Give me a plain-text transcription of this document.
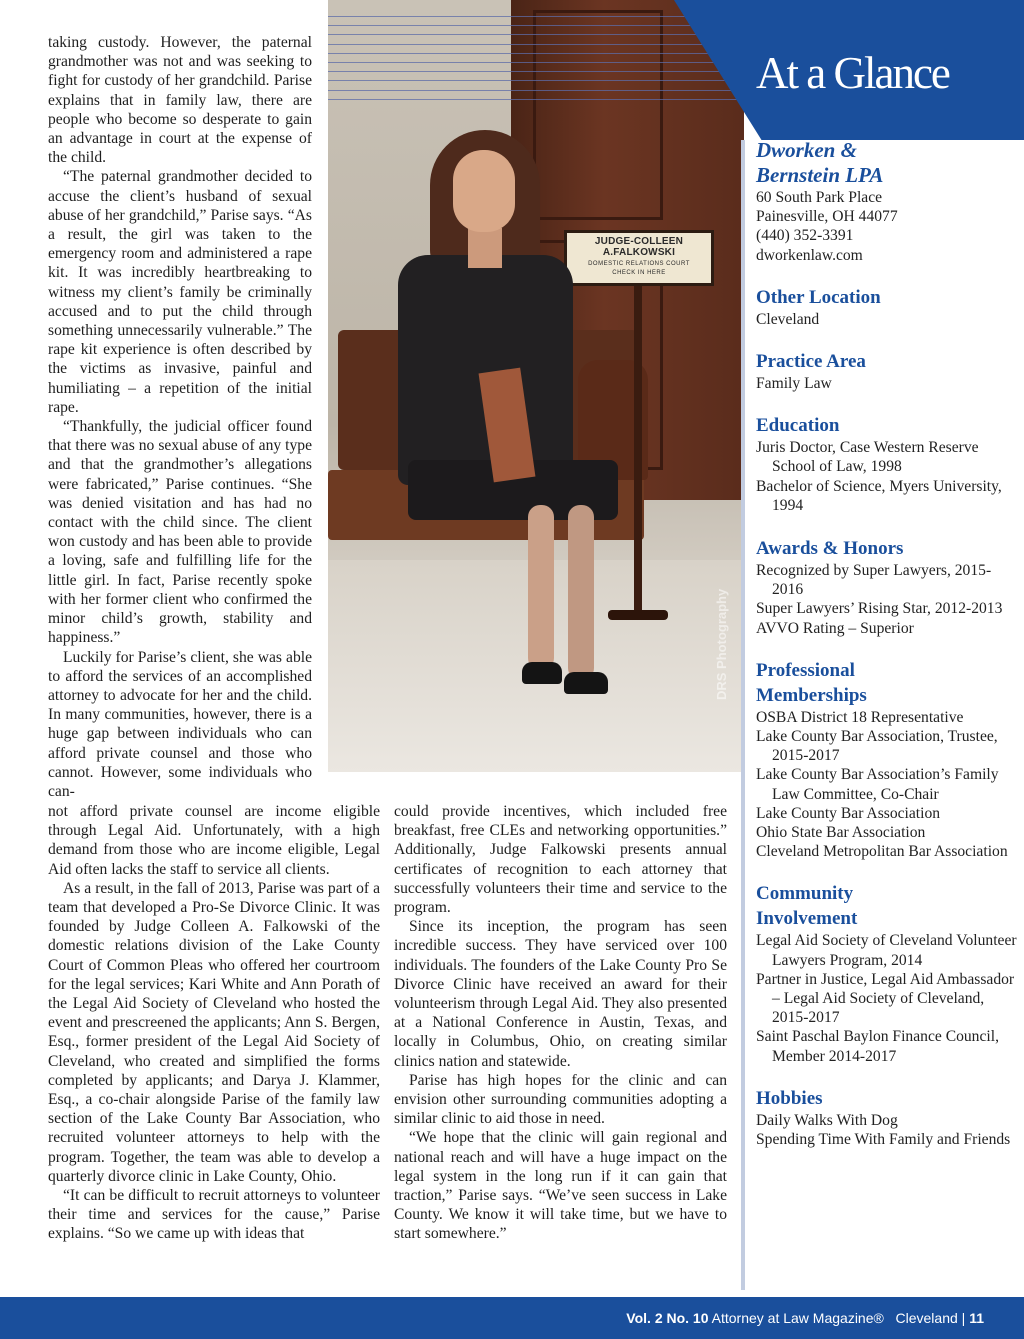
taking custody. However, the paternal grandmother was not and was seeking to fight for custody of her grandchild. Parise explains that in family law, there are people who become so desperate to gain an advantage in court at the expense of the child.

“The paternal grandmother decided to accuse the client’s husband of sexual abuse of her grandchild,” Parise says. “As a result, the girl was taken to the emergency room and administered a rape kit. It was incredibly heartbreaking to witness my client’s family be criminally accused and to put the child through something unnecessarily vulnerable.” The rape kit experience is often described by the victims as invasive, painful and humiliating – a repetition of the initial rape.

“Thankfully, the judicial officer found that there was no sexual abuse of any type and that the grandmother’s allegations were fabricated,” Parise continues. “She was denied visitation and has had no contact with the child since. The client won custody and has been able to provide a loving, safe and fulfilling life for the little girl. In fact, Parise recently spoke with her former client who confirmed the minor child’s growth, stability and happiness.”

Luckily for Parise’s client, she was able to afford the services of an accomplished attorney to advocate for her and the child. In many communities, however, there is a huge gap between individuals who can afford private counsel and those who cannot. However, some individuals who can-

JUDGE-COLLEEN A.FALKOWSKI
DOMESTIC RELATIONS COURT
CHECK IN HERE
DRS Photography
At a Glance
Dworken &
Bernstein LPA
60 South Park Place
Painesville, OH 44077
(440) 352-3391
dworkenlaw.com
Other Location
Cleveland
Practice Area
Family Law
Education
Juris Doctor, Case Western Reserve School of Law, 1998
Bachelor of Science, Myers University, 1994
Awards & Honors
Recognized by Super Lawyers, 2015-2016
Super Lawyers’ Rising Star, 2012-2013
AVVO Rating – Superior
Professional
Memberships
OSBA District 18 Representative
Lake County Bar Association, Trustee, 2015-2017
Lake County Bar Association’s Family Law Committee, Co-Chair
Lake County Bar Association
Ohio State Bar Association
Cleveland Metropolitan Bar Association
Community
Involvement
Legal Aid Society of Cleveland Volunteer Lawyers Program, 2014
Partner in Justice, Legal Aid Ambassador – Legal Aid Society of Cleveland, 2015-2017
Saint Paschal Baylon Finance Council, Member 2014-2017
Hobbies
Daily Walks With Dog
Spending Time With Family and Friends

not afford private counsel are income eligible through Legal Aid. Unfortunately, with a high demand from those who are income eligible, Legal Aid often lacks the staff to service all clients.

As a result, in the fall of 2013, Parise was part of a team that developed a Pro-Se Divorce Clinic. It was founded by Judge Colleen A. Falkowski of the domestic relations division of the Lake County Court of Common Pleas who offered her courtroom for the legal services; Kari White and Ann Porath of the Legal Aid Society of Cleveland who hosted the event and prescreened the applicants; Ann S. Bergen, Esq., former president of the Legal Aid Society of Cleveland, who created and simplified the forms completed by applicants; and Darya J. Klammer, Esq., a co-chair alongside Parise of the family law section of the Lake County Bar Association, who recruited volunteer attorneys to help with the program. Together, the team was able to develop a quarterly divorce clinic in Lake County, Ohio.

“It can be difficult to recruit attorneys to volunteer their time and services for the cause,” Parise explains. “So we came up with ideas that

could provide incentives, which included free breakfast, free CLEs and networking opportunities.” Additionally, Judge Falkowski presents annual certificates of recognition to each attorney that successfully volunteers their time and service to the program.

Since its inception, the program has seen incredible success. They have serviced over 100 individuals. The founders of the Lake County Pro Se Divorce Clinic have received an award for their volunteerism through Legal Aid. They also presented at a National Conference in Austin, Texas, and locally in Columbus, Ohio, on creating similar clinics nation and statewide.

Parise has high hopes for the clinic and can envision other surrounding communities adopting a similar clinic to aid those in need.

“We hope that the clinic will gain regional and national reach and will have a huge impact on the legal system in the long run if it can gain that traction,” Parise says. “We’ve seen success in Lake County. We know it will take time, but we have to start somewhere.”

Vol. 2 No. 10 Attorney at Law Magazine® Cleveland | 11
